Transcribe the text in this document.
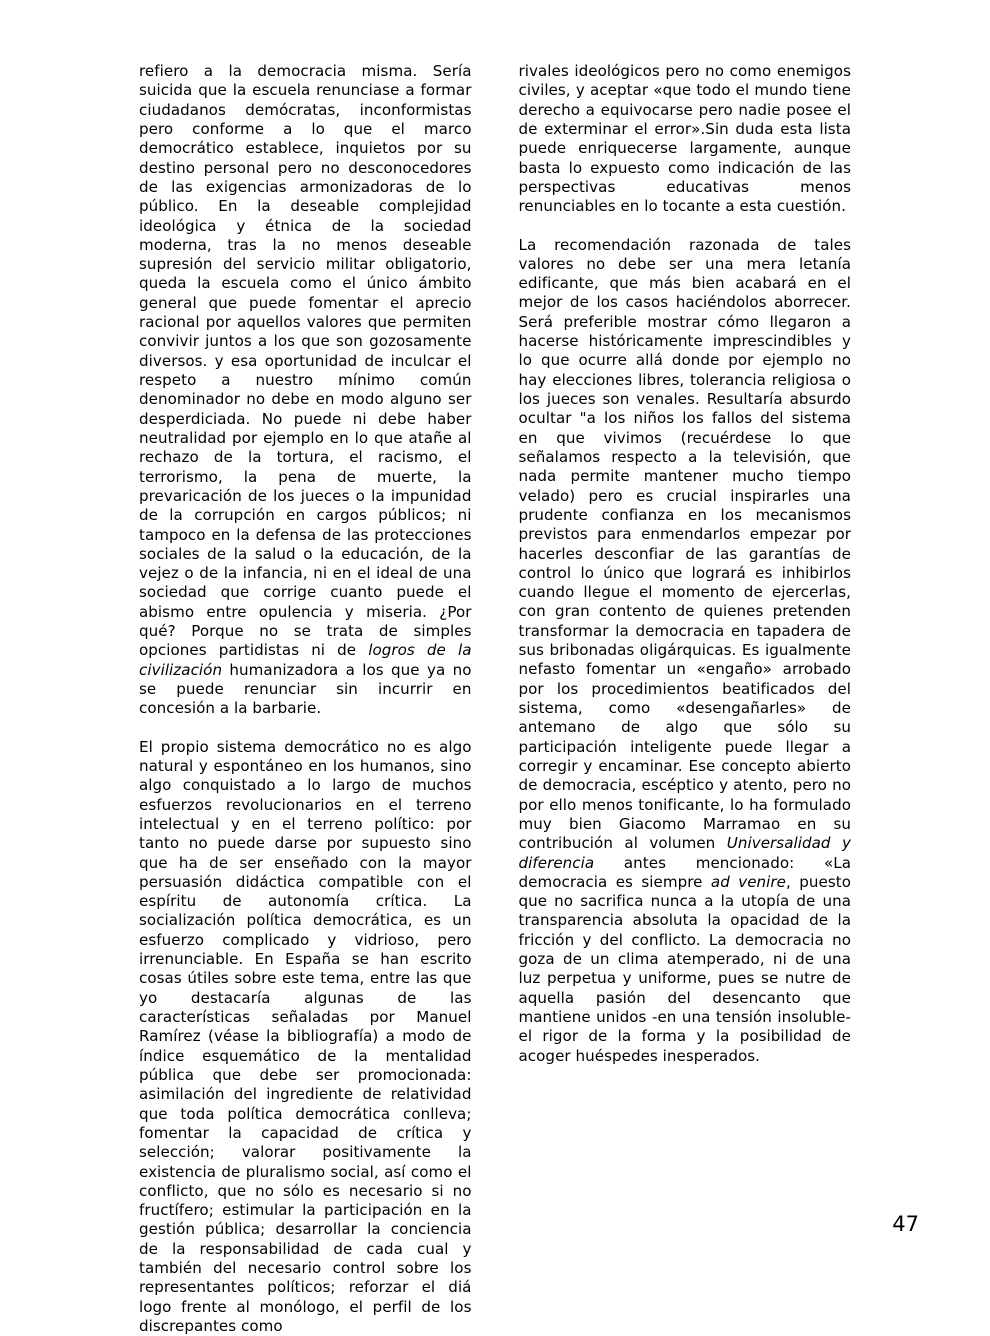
refiero a la democracia misma. Sería suicida que la escuela renunciase a formar ciudadanos demócratas, inconformistas pero conforme a lo que el marco democrático establece, inquietos por su destino personal pero no desconocedores de las exigencias armonizadoras de lo público. En la deseable complejidad ideológica y étnica de la sociedad moderna, tras la no menos deseable supresión del servicio militar obligatorio, queda la escuela como el único ámbito general que puede fomentar el aprecio racional por aquellos valores que permiten convivir juntos a los que son gozosamente diversos. y esa oportunidad de inculcar el respeto a nuestro mínimo común denominador no debe en modo alguno ser desperdiciada. No puede ni debe haber neutralidad por ejemplo en lo que atañe al rechazo de la tortura, el racismo, el terrorismo, la pena de muerte, la prevaricación de los jueces o la impunidad de la corrupción en cargos públicos; ni tampoco en la defensa de las protecciones sociales de la salud o la educación, de la vejez o de la infancia, ni en el ideal de una sociedad que corrige cuanto puede el abismo entre opulencia y miseria. ¿Por qué? Porque no se trata de simples opciones partidistas ni de logros de la civilización humanizadora a los que ya no se puede renunciar sin incurrir en concesión a la barbarie.

El propio sistema democrático no es algo natural y espontáneo en los humanos, sino algo conquistado a lo largo de muchos esfuerzos revolucionarios en el terreno intelectual y en el terreno político: por tanto no puede darse por supuesto sino que ha de ser enseñado con la mayor persuasión didáctica compatible con el espíritu de autonomía crítica. La socialización política democrática, es un esfuerzo complicado y vidrioso, pero irrenunciable. En España se han escrito cosas útiles sobre este tema, entre las que yo destacaría algunas de las características señaladas por Manuel Ramírez (véase la bibliografía) a modo de índice esquemático de la mentalidad pública que debe ser promocionada: asimilación del ingrediente de relatividad que toda política democrática conlleva; fomentar la capacidad de crítica y selección; valorar positivamente la existencia de pluralismo social, así como el conflicto, que no sólo es necesario si no fructífero; estimular la participación en la gestión pública; desarrollar la conciencia de la responsabilidad de cada cual y también del necesario control sobre los representantes políticos; reforzar el diá logo frente al monólogo, el perfil de los discrepantes como

rivales ideológicos pero no como enemigos civiles, y aceptar «que todo el mundo tiene derecho a equivocarse pero nadie posee el de exterminar el error».Sin duda esta lista puede enriquecerse largamente, aunque basta lo expuesto como indicación de las perspectivas educativas menos renunciables en lo tocante a esta cuestión.

La recomendación razonada de tales valores no debe ser una mera letanía edificante, que más bien acabará en el mejor de los casos haciéndolos aborrecer. Será preferible mostrar cómo llegaron a hacerse históricamente imprescindibles y lo que ocurre allá donde por ejemplo no hay elecciones libres, tolerancia religiosa o los jueces son venales. Resultaría absurdo ocultar "a los niños los fallos del sistema en que vivimos (recuérdese lo que señalamos respecto a la televisión, que nada permite mantener mucho tiempo velado) pero es crucial inspirarles una prudente confianza en los mecanismos previstos para enmendarlos empezar por hacerles desconfiar de las garantías de control lo único que logrará es inhibirlos cuando llegue el momento de ejercerlas, con gran contento de quienes pretenden transformar la democracia en tapadera de sus bribonadas oligárquicas. Es igualmente nefasto fomentar un «engaño» arrobado por los procedimientos beatificados del sistema, como «desengañarles» de antemano de algo que sólo su participación inteligente puede llegar a corregir y encaminar. Ese concepto abierto de democracia, escéptico y atento, pero no por ello menos tonificante, lo ha formulado muy bien Giacomo Marramao en su contribución al volumen Universalidad y diferencia antes mencionado: «La democracia es siempre ad venire, puesto que no sacrifica nunca a la utopía de una transparencia absoluta la opacidad de la fricción y del conflicto. La democracia no goza de un clima atemperado, ni de una luz perpetua y uniforme, pues se nutre de aquella pasión del desencanto que mantiene unidos -en una tensión insoluble- el rigor de la forma y la posibilidad de acoger huéspedes inesperados.

47
